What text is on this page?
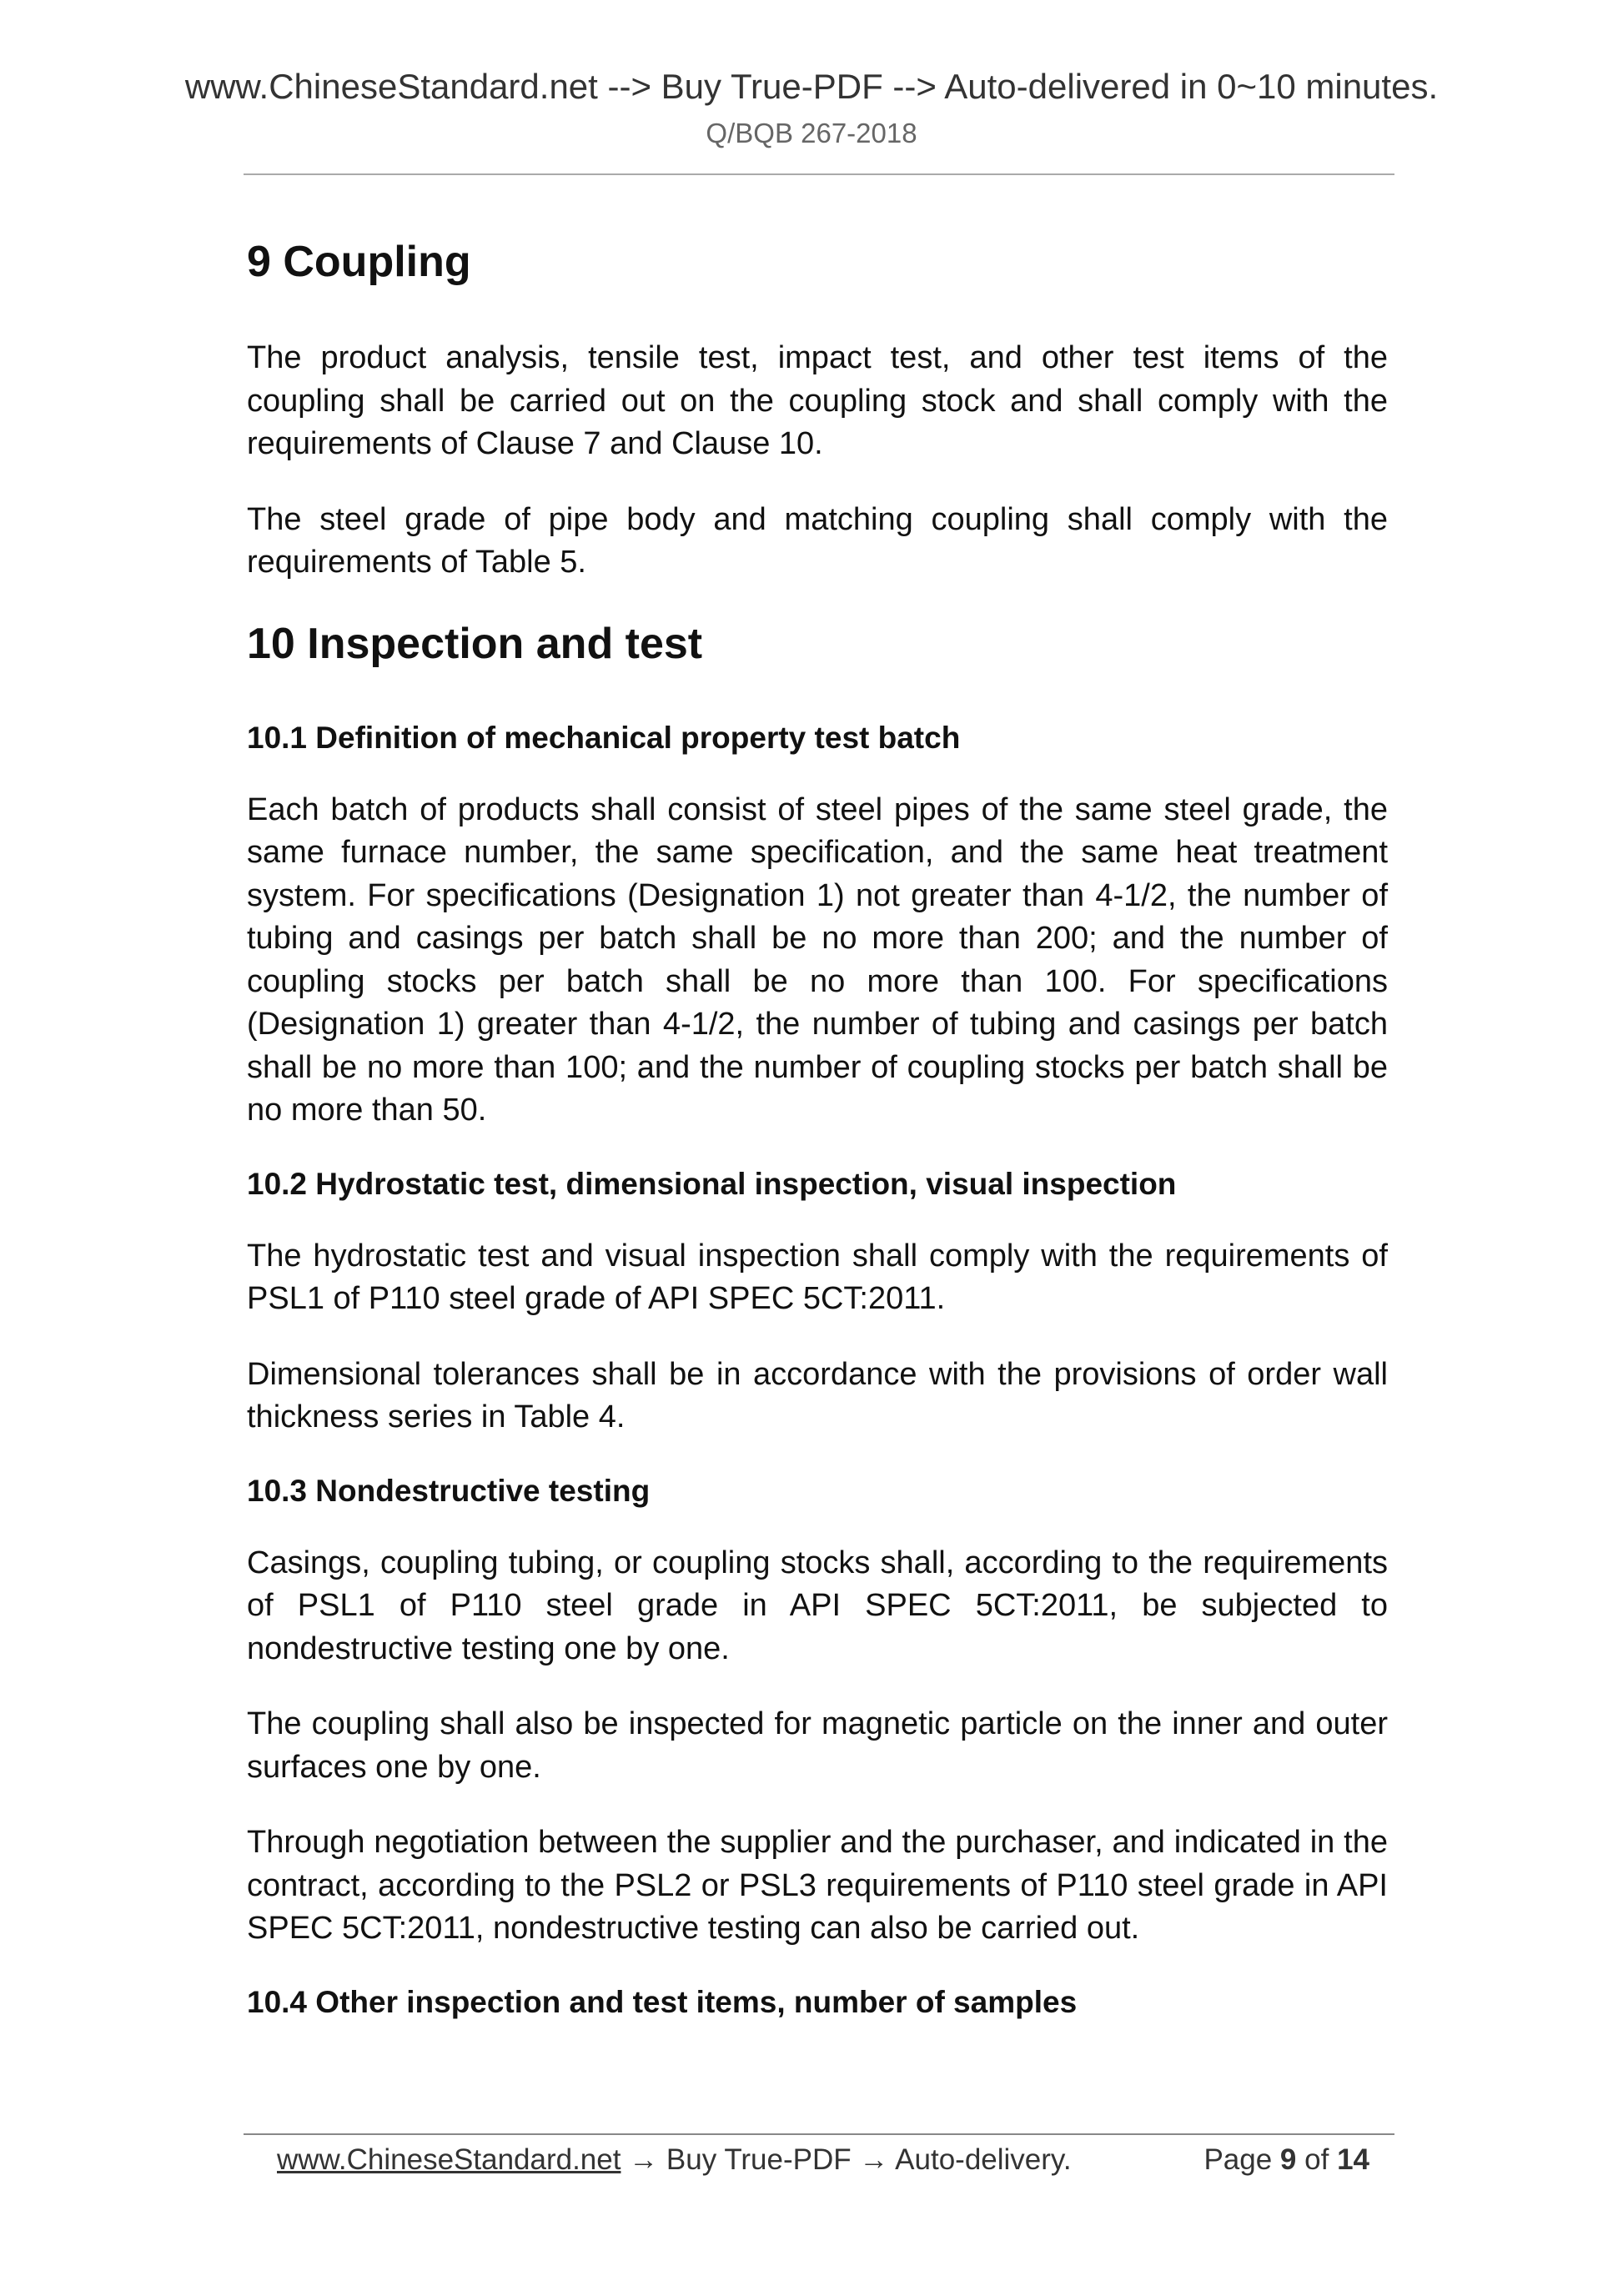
www.ChineseStandard.net --> Buy True-PDF --> Auto-delivered in 0~10 minutes.
Q/BQB 267-2018
9 Coupling

The product analysis, tensile test, impact test, and other test items of the coupling shall be carried out on the coupling stock and shall comply with the requirements of Clause 7 and Clause 10.

The steel grade of pipe body and matching coupling shall comply with the requirements of Table 5.

10 Inspection and test
10.1 Definition of mechanical property test batch

Each batch of products shall consist of steel pipes of the same steel grade, the same furnace number, the same specification, and the same heat treatment system. For specifications (Designation 1) not greater than 4-1/2, the number of tubing and casings per batch shall be no more than 200; and the number of coupling stocks per batch shall be no more than 100. For specifications (Designation 1) greater than 4-1/2, the number of tubing and casings per batch shall be no more than 100; and the number of coupling stocks per batch shall be no more than 50.

10.2 Hydrostatic test, dimensional inspection, visual inspection

The hydrostatic test and visual inspection shall comply with the requirements of PSL1 of P110 steel grade of API SPEC 5CT:2011.

Dimensional tolerances shall be in accordance with the provisions of order wall thickness series in Table 4.

10.3 Nondestructive testing

Casings, coupling tubing, or coupling stocks shall, according to the requirements of PSL1 of P110 steel grade in API SPEC 5CT:2011, be subjected to nondestructive testing one by one.

The coupling shall also be inspected for magnetic particle on the inner and outer surfaces one by one.

Through negotiation between the supplier and the purchaser, and indicated in the contract, according to the PSL2 or PSL3 requirements of P110 steel grade in API SPEC 5CT:2011, nondestructive testing can also be carried out.

10.4 Other inspection and test items, number of samples
www.ChineseStandard.net → Buy True-PDF → Auto-delivery.	Page 9 of 14
